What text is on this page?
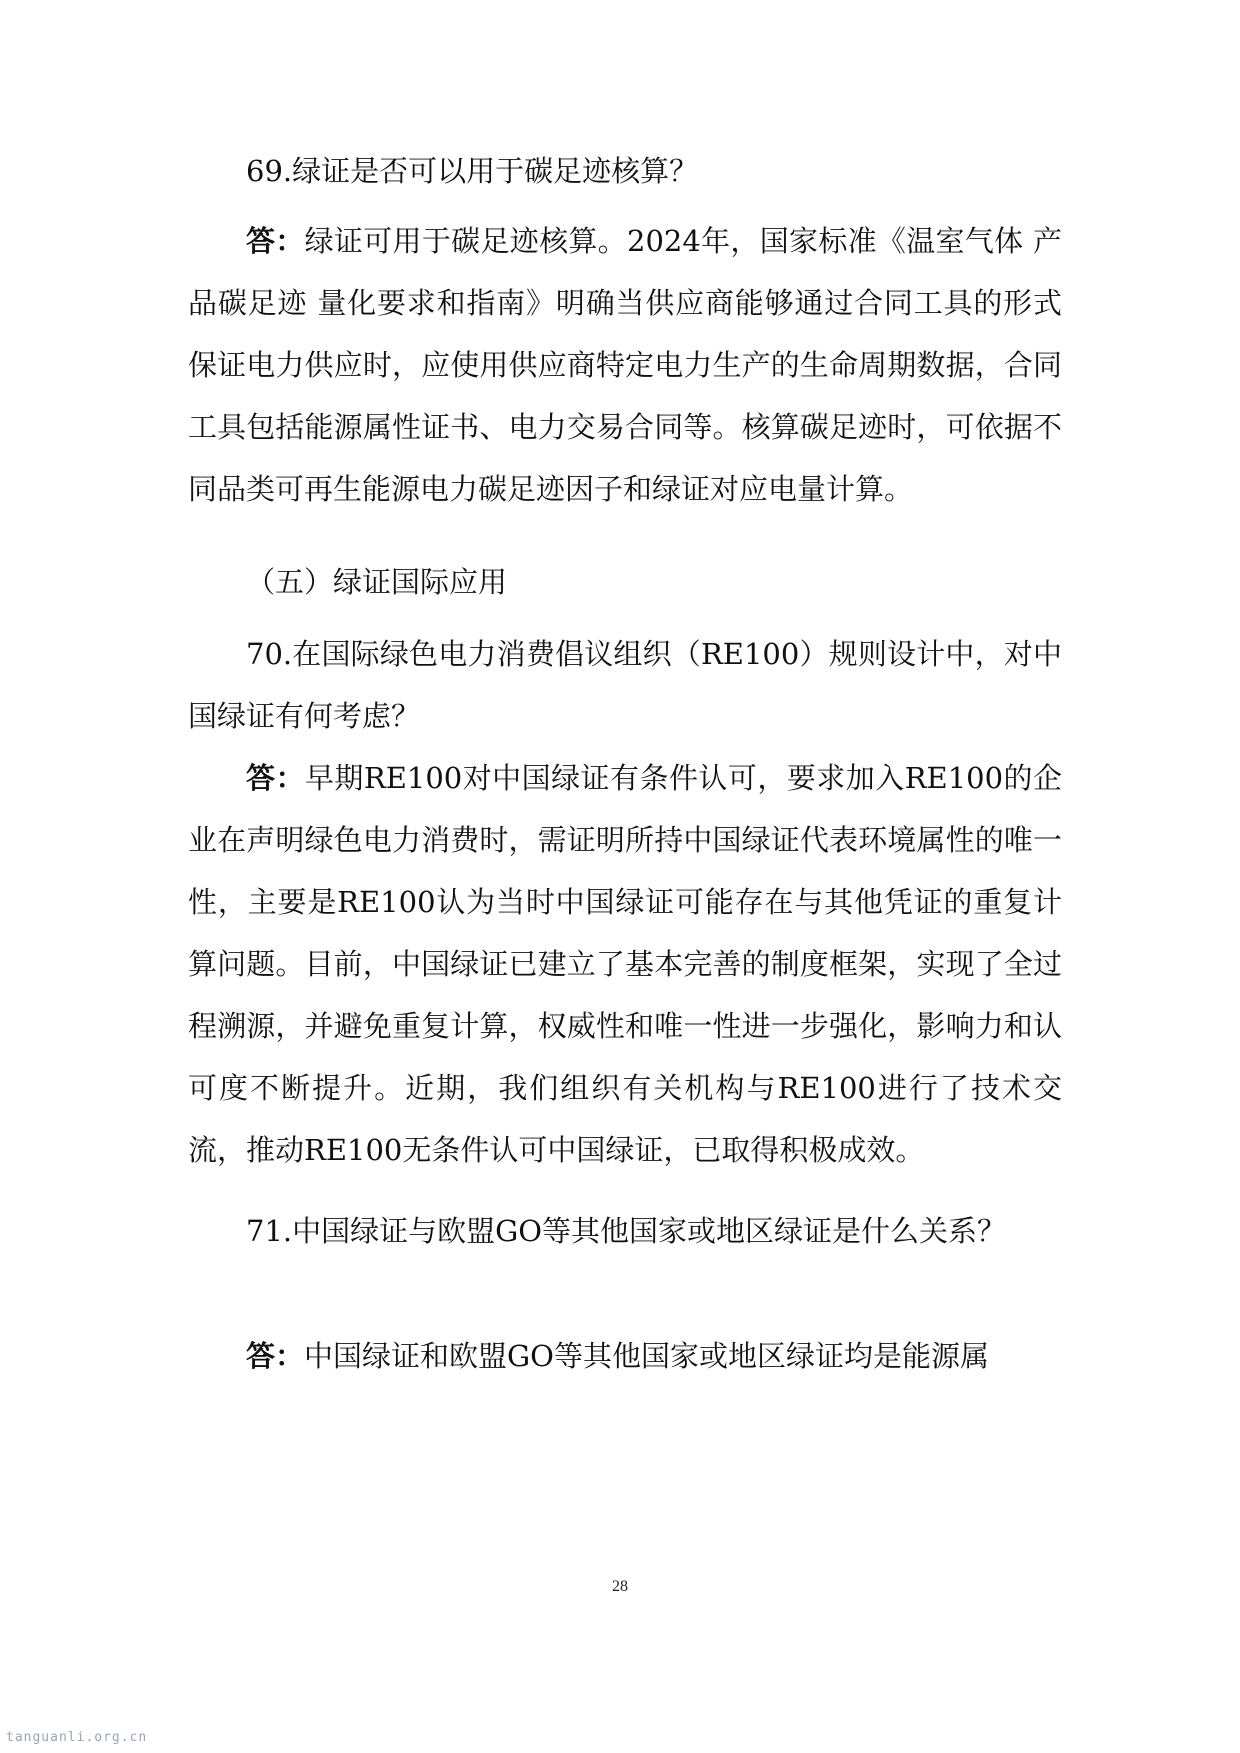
69.绿证是否可以用于碳足迹核算？

答：绿证可用于碳足迹核算。2024年，国家标准《温室气体 产品碳足迹 量化要求和指南》明确当供应商能够通过合同工具的形式保证电力供应时，应使用供应商特定电力生产的生命周期数据，合同工具包括能源属性证书、电力交易合同等。核算碳足迹时，可依据不同品类可再生能源电力碳足迹因子和绿证对应电量计算。

（五）绿证国际应用

70.在国际绿色电力消费倡议组织（RE100）规则设计中，对中国绿证有何考虑？

答：早期RE100对中国绿证有条件认可，要求加入RE100的企业在声明绿色电力消费时，需证明所持中国绿证代表环境属性的唯一性，主要是RE100认为当时中国绿证可能存在与其他凭证的重复计算问题。目前，中国绿证已建立了基本完善的制度框架，实现了全过程溯源，并避免重复计算，权威性和唯一性进一步强化，影响力和认可度不断提升。近期，我们组织有关机构与RE100进行了技术交流，推动RE100无条件认可中国绿证，已取得积极成效。

71.中国绿证与欧盟GO等其他国家或地区绿证是什么关系？

答：中国绿证和欧盟GO等其他国家或地区绿证均是能源属

28
tanguanli.org.cn
